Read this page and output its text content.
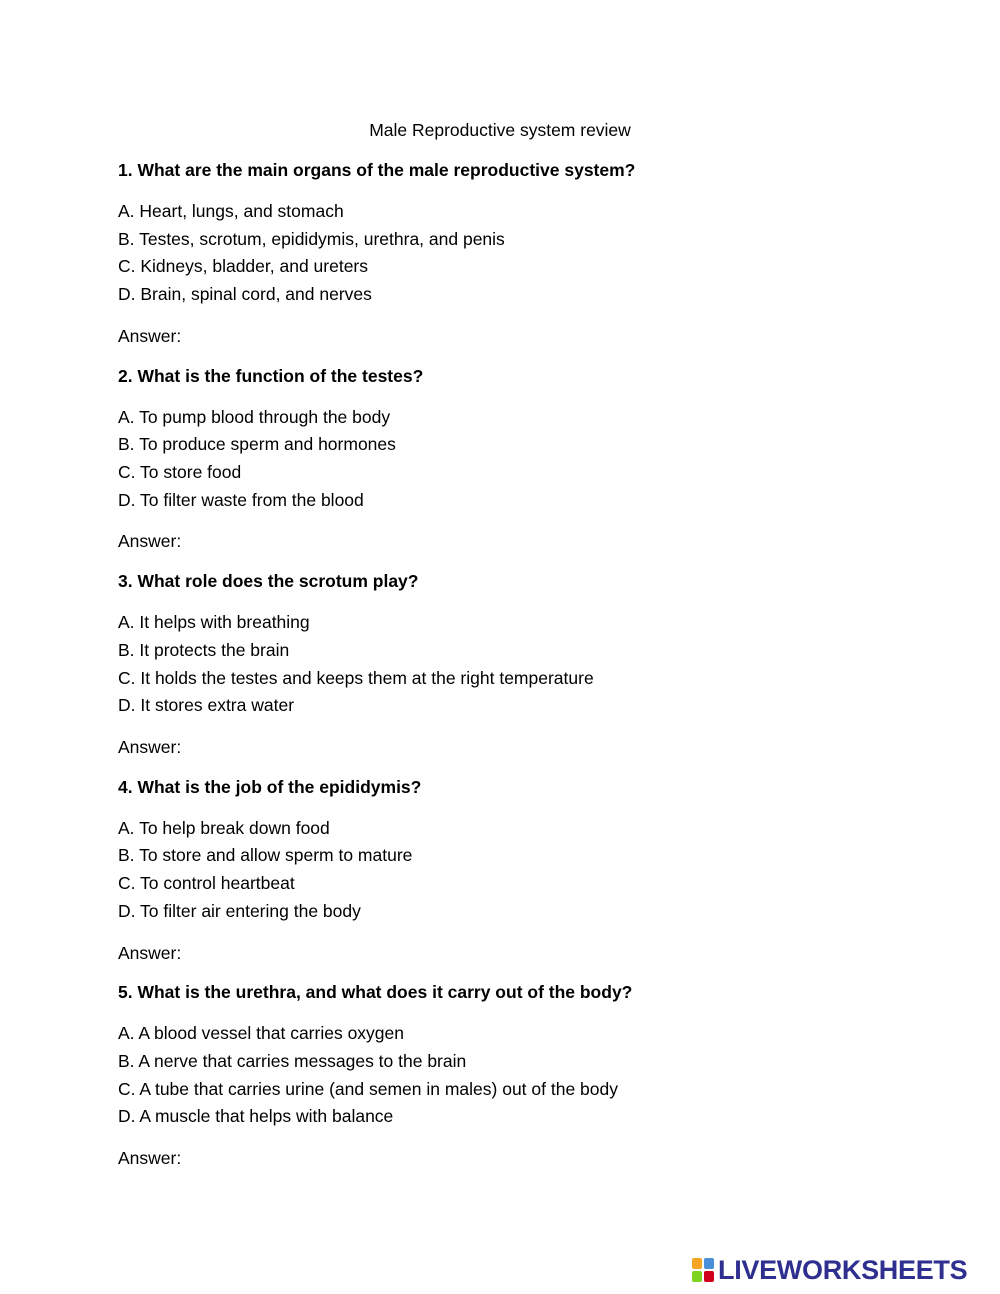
Male Reproductive system review
1. What are the main organs of the male reproductive system?
A. Heart, lungs, and stomach
B. Testes, scrotum, epididymis, urethra, and penis
C. Kidneys, bladder, and ureters
D. Brain, spinal cord, and nerves
Answer:
2. What is the function of the testes?
A. To pump blood through the body
B. To produce sperm and hormones
C. To store food
D. To filter waste from the blood
Answer:
3. What role does the scrotum play?
A. It helps with breathing
B. It protects the brain
C. It holds the testes and keeps them at the right temperature
D. It stores extra water
Answer:
4. What is the job of the epididymis?
A. To help break down food
B. To store and allow sperm to mature
C. To control heartbeat
D. To filter air entering the body
Answer:
5. What is the urethra, and what does it carry out of the body?
A. A blood vessel that carries oxygen
B. A nerve that carries messages to the brain
C. A tube that carries urine (and semen in males) out of the body
D. A muscle that helps with balance
Answer:
LIVEWORKSHEETS
